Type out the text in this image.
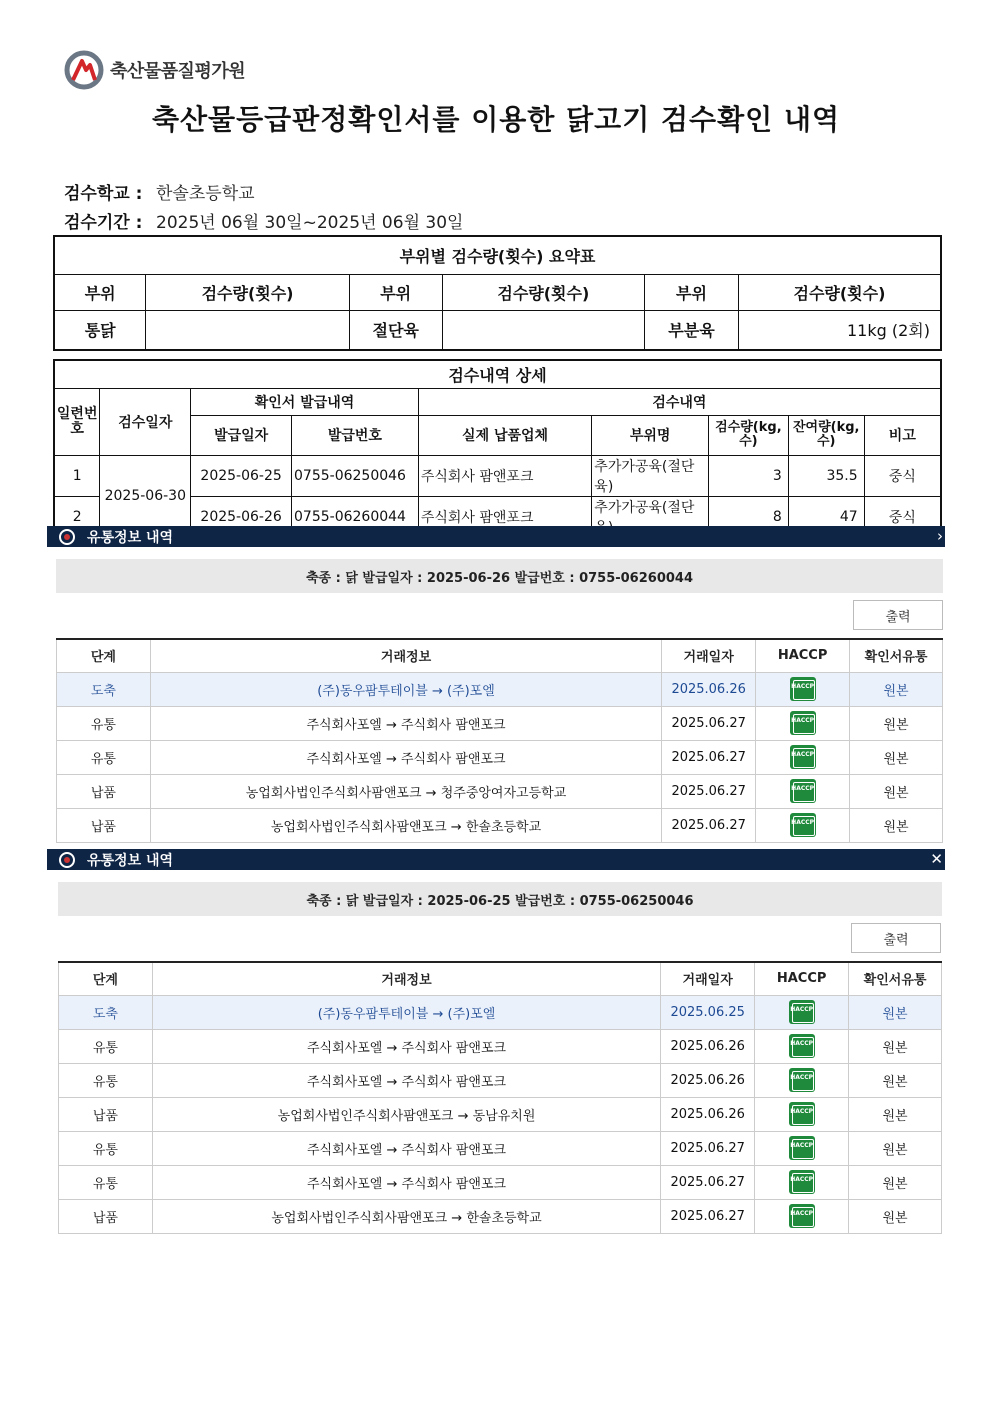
축산물품질평가원
축산물등급판정확인서를 이용한 닭고기 검수확인 내역
검수학교 : 한솔초등학교
검수기간 : 2025년 06월 30일~2025년 06월 30일
부위별 검수량(횟수) 요약표					
부위	검수량(횟수)	부위	검수량(횟수)	부위	검수량(횟수)
통닭		절단육		부분육	11kg (2회)
검수내역 상세								
일련번호	검수일자	확인서 발급내역		검수내역				
		발급일자	발급번호	실제 납품업체	부위명	검수량(kg, 수)	잔여량(kg, 수)	비고
1	2025-06-30	2025-06-25	0755-06250046	주식회사 팜앤포크	추가가공육(절단육)	3	35.5	중식
2		2025-06-26	0755-06260044	주식회사 팜앤포크	추가가공육(절단	8	47	중식
유통정보 내역	›
축종 : 닭 발급일자 : 2025-06-26 발급번호 : 0755-06260044
출력
단계	거래정보	거래일자	HACCP	확인서유통
도축	(주)동우팜투테이블 → (주)포엘	2025.06.26	HACCP	원본
유통	주식회사포엘 → 주식회사 팜앤포크	2025.06.27	HACCP	원본
유통	주식회사포엘 → 주식회사 팜앤포크	2025.06.27	HACCP	원본
납품	농업회사법인주식회사팜앤포크 → 청주중앙여자고등학교	2025.06.27	HACCP	원본
납품	농업회사법인주식회사팜앤포크 → 한솔초등학교	2025.06.27	HACCP	원본
유통정보 내역	✕
축종 : 닭 발급일자 : 2025-06-25 발급번호 : 0755-06250046
출력
단계	거래정보	거래일자	HACCP	확인서유통
도축	(주)동우팜투테이블 → (주)포엘	2025.06.25	HACCP	원본
유통	주식회사포엘 → 주식회사 팜앤포크	2025.06.26	HACCP	원본
유통	주식회사포엘 → 주식회사 팜앤포크	2025.06.26	HACCP	원본
납품	농업회사법인주식회사팜앤포크 → 동남유치원	2025.06.26	HACCP	원본
유통	주식회사포엘 → 주식회사 팜앤포크	2025.06.27	HACCP	원본
유통	주식회사포엘 → 주식회사 팜앤포크	2025.06.27	HACCP	원본
납품	농업회사법인주식회사팜앤포크 → 한솔초등학교	2025.06.27	HACCP	원본
